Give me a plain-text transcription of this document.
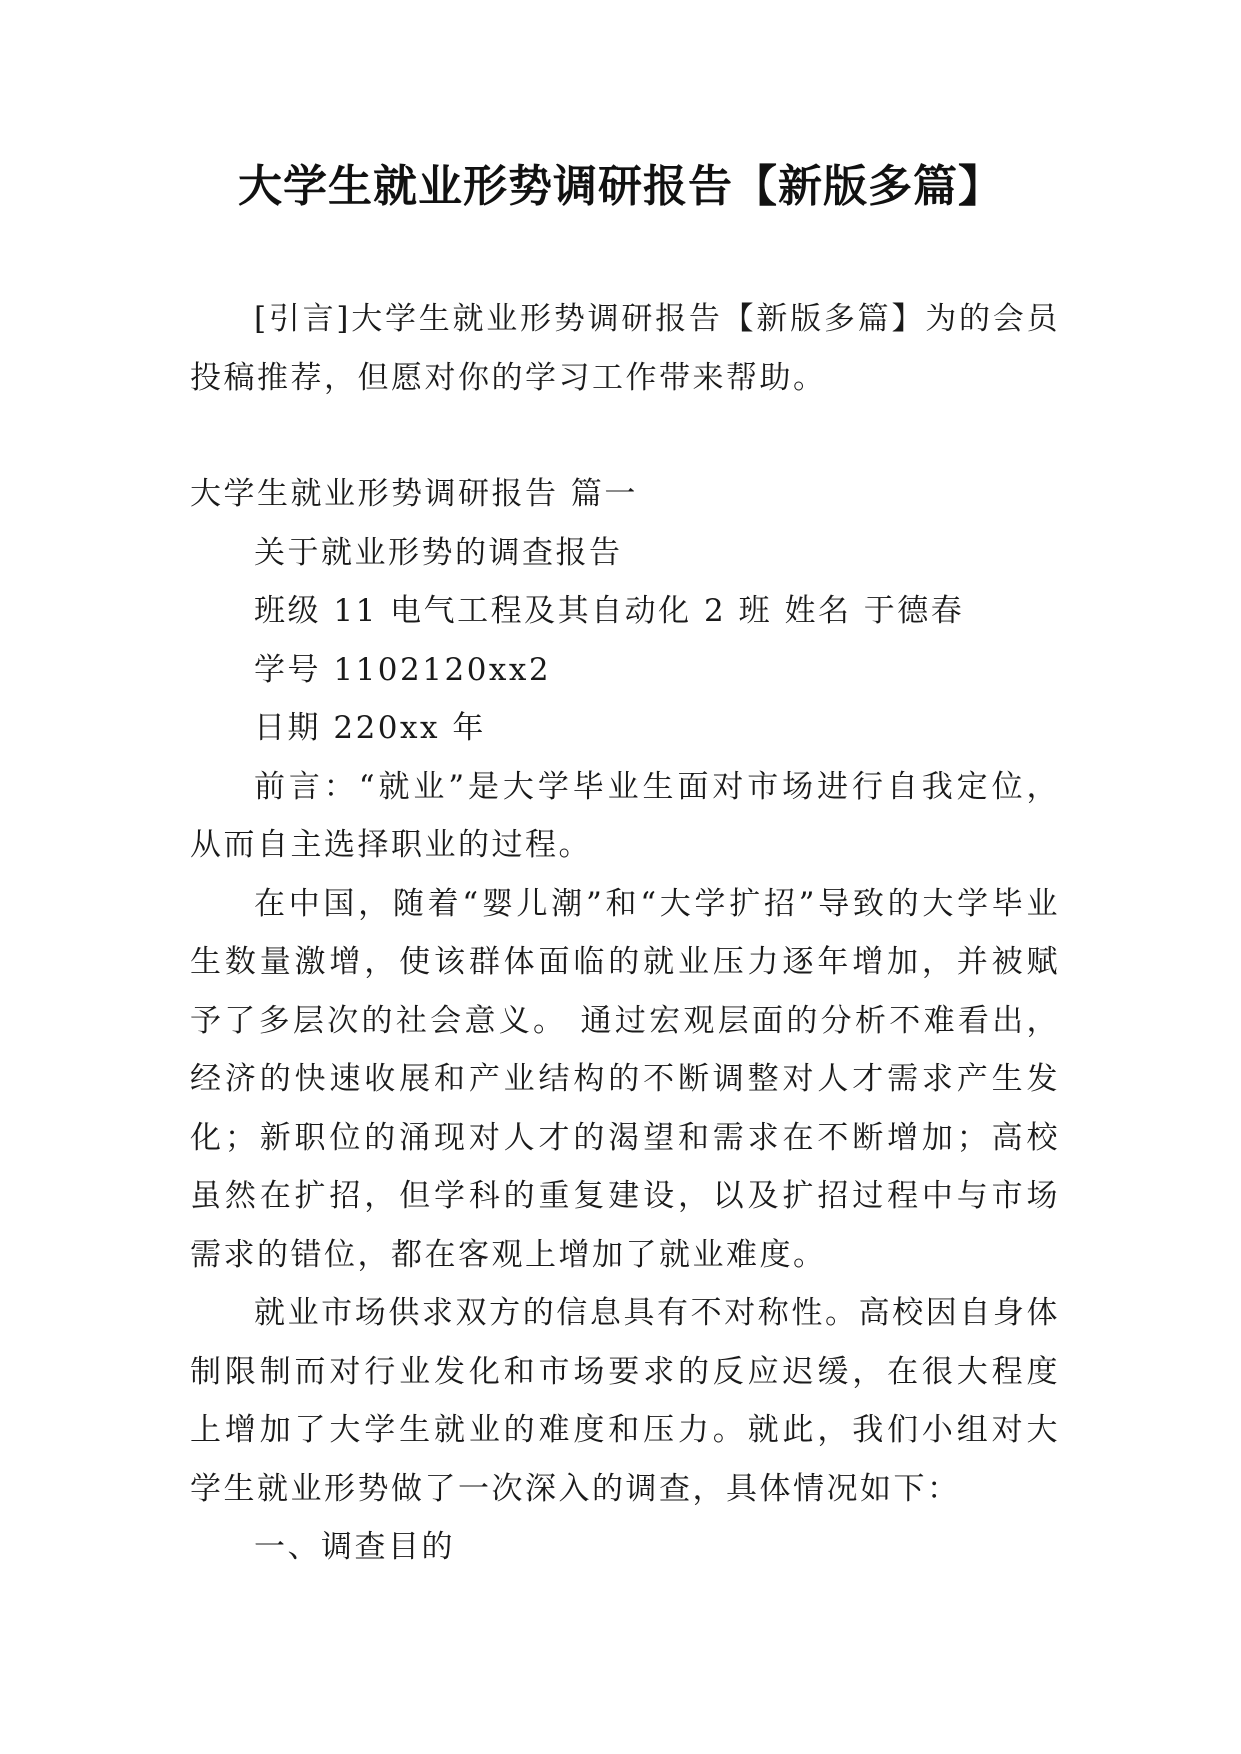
大学生就业形势调研报告【新版多篇】

[引言]大学生就业形势调研报告【新版多篇】为的会员投稿推荐，但愿对你的学习工作带来帮助。

大学生就业形势调研报告 篇一

关于就业形势的调查报告

班级 11 电气工程及其自动化 2 班 姓名 于德春

学号 1102120xx2

日期 220xx 年

前言：“就业”是大学毕业生面对市场进行自我定位，从而自主选择职业的过程。

在中国，随着“婴儿潮”和“大学扩招”导致的大学毕业生数量激增，使该群体面临的就业压力逐年增加，并被赋予了多层次的社会意义。 通过宏观层面的分析不难看出，经济的快速收展和产业结构的不断调整对人才需求产生发化；新职位的涌现对人才的渴望和需求在不断增加；高校虽然在扩招，但学科的重复建设，以及扩招过程中与市场需求的错位，都在客观上增加了就业难度。

就业市场供求双方的信息具有不对称性。高校因自身体制限制而对行业发化和市场要求的反应迟缓，在很大程度上增加了大学生就业的难度和压力。就此，我们小组对大学生就业形势做了一次深入的调查，具体情况如下：

一、调查目的
